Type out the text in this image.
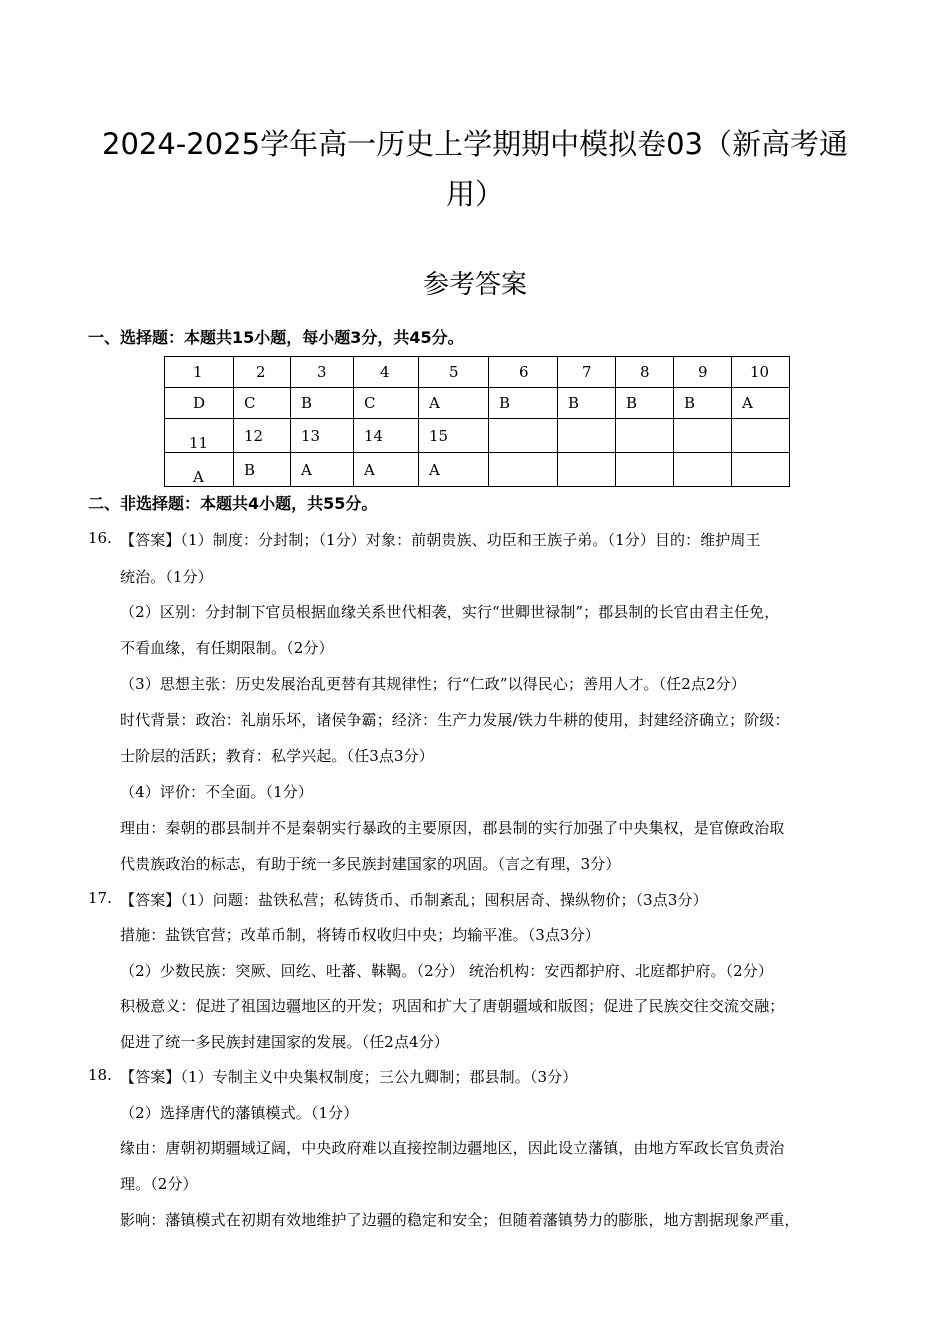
2024-2025学年高一历史上学期期中模拟卷03（新高考通
用）
参考答案
一、选择题：本题共15小题，每小题3分，共45分。
1	2	3	4	5	6	7	8	9	10
D	C	B	C	A	B	B	B	B	A
11	12	13	14	15					
A	B	A	A	A					
二、非选择题：本题共4小题，共55分。
16. 【答案】（1）制度：分封制；（1分）对象：前朝贵族、功臣和王族子弟。（1分）目的：维护周王
统治。（1分）
（2）区别：分封制下官员根据血缘关系世代相袭，实行“世卿世禄制”；郡县制的长官由君主任免，
不看血缘，有任期限制。（2分）
（3）思想主张：历史发展治乱更替有其规律性；行“仁政”以得民心；善用人才。（任2点2分）
时代背景：政治：礼崩乐坏，诸侯争霸；经济：生产力发展/铁力牛耕的使用，封建经济确立；阶级：
士阶层的活跃；教育：私学兴起。（任3点3分）
（4）评价：不全面。（1分）
理由：秦朝的郡县制并不是秦朝实行暴政的主要原因，郡县制的实行加强了中央集权，是官僚政治取
代贵族政治的标志，有助于统一多民族封建国家的巩固。（言之有理，3分）
17. 【答案】（1）问题：盐铁私营；私铸货币、币制紊乱；囤积居奇、操纵物价；（3点3分）
措施：盐铁官营；改革币制，将铸币权收归中央；均输平准。（3点3分）
（2）少数民族：突厥、回纥、吐蕃、靺鞨。（2分） 统治机构：安西都护府、北庭都护府。（2分）
积极意义：促进了祖国边疆地区的开发；巩固和扩大了唐朝疆域和版图；促进了民族交往交流交融；
促进了统一多民族封建国家的发展。（任2点4分）
18. 【答案】（1）专制主义中央集权制度；三公九卿制；郡县制。（3分）
（2）选择唐代的藩镇模式。（1分）
缘由：唐朝初期疆域辽阔，中央政府难以直接控制边疆地区，因此设立藩镇，由地方军政长官负责治
理。（2分）
影响：藩镇模式在初期有效地维护了边疆的稳定和安全；但随着藩镇势力的膨胀，地方割据现象严重，
